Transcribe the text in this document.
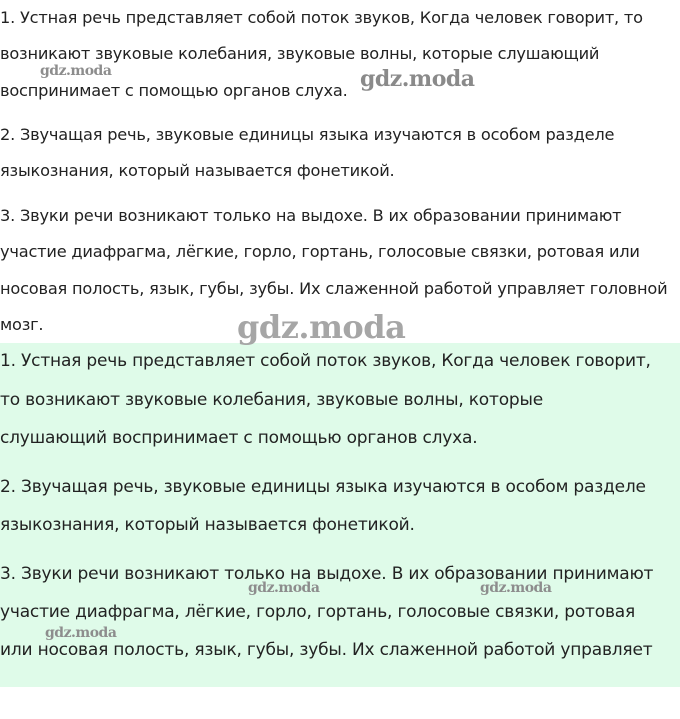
1. Устная речь представляет собой поток звуков, Когда человек говорит, то
возникают звуковые колебания, звуковые волны, которые слушающий
воспринимает с помощью органов слуха.
2. Звучащая речь, звуковые единицы языка изучаются в особом разделе
языкознания, который называется фонетикой.
3. Звуки речи возникают только на выдохе. В их образовании принимают
участие диафрагма, лёгкие, горло, гортань, голосовые связки, ротовая или
носовая полость, язык, губы, зубы. Их слаженной работой управляет головной
мозг.
1. Устная речь представляет собой поток звуков, Когда человек говорит,
то возникают звуковые колебания, звуковые волны, которые
слушающий воспринимает с помощью органов слуха.
2. Звучащая речь, звуковые единицы языка изучаются в особом разделе
языкознания, который называется фонетикой.
3. Звуки речи возникают только на выдохе. В их образовании принимают
участие диафрагма, лёгкие, горло, гортань, голосовые связки, ротовая
или носовая полость, язык, губы, зубы. Их слаженной работой управляет
gdz.moda	gdz.moda
gdz.moda
gdz.moda	gdz.moda
gdz.moda
